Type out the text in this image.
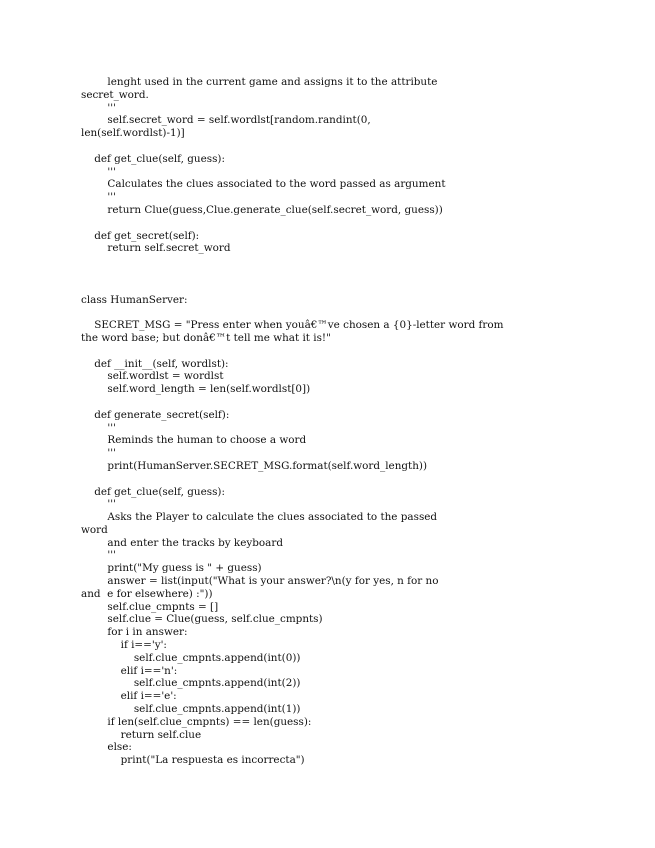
lenght used in the current game and assigns it to the attribute
secret_word.
'''
self.secret_word = self.wordlst[random.randint(0,
len(self.wordlst)-1)]
def get_clue(self, guess):
'''
Calculates the clues associated to the word passed as argument
'''
return Clue(guess,Clue.generate_clue(self.secret_word, guess))
def get_secret(self):
return self.secret_word
class HumanServer:
SECRET_MSG = "Press enter when youâ€™ve chosen a {0}-letter word from
the word base; but donâ€™t tell me what it is!"
def __init__(self, wordlst):
self.wordlst = wordlst
self.word_length = len(self.wordlst[0])
def generate_secret(self):
'''
Reminds the human to choose a word
'''
print(HumanServer.SECRET_MSG.format(self.word_length))
def get_clue(self, guess):
'''
Asks the Player to calculate the clues associated to the passed
word
and enter the tracks by keyboard
'''
print("My guess is " + guess)
answer = list(input("What is your answer?\n(y for yes, n for no
and  e for elsewhere) :"))
self.clue_cmpnts = []
self.clue = Clue(guess, self.clue_cmpnts)
for i in answer:
if i=='y':
self.clue_cmpnts.append(int(0))
elif i=='n':
self.clue_cmpnts.append(int(2))
elif i=='e':
self.clue_cmpnts.append(int(1))
if len(self.clue_cmpnts) == len(guess):
return self.clue
else:
print("La respuesta es incorrecta")
